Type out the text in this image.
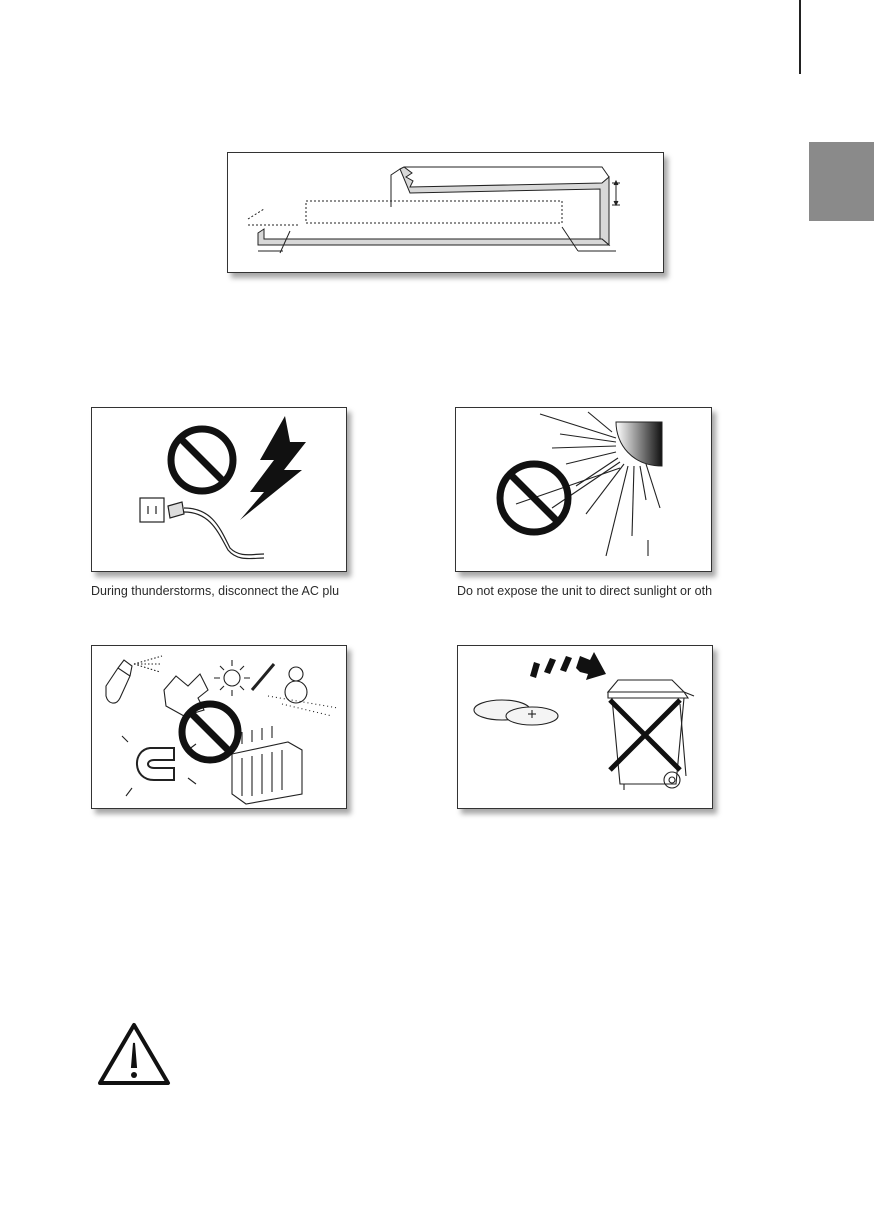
During thunderstorms, disconnect the AC plu	Do not expose the unit to direct sunlight or oth
